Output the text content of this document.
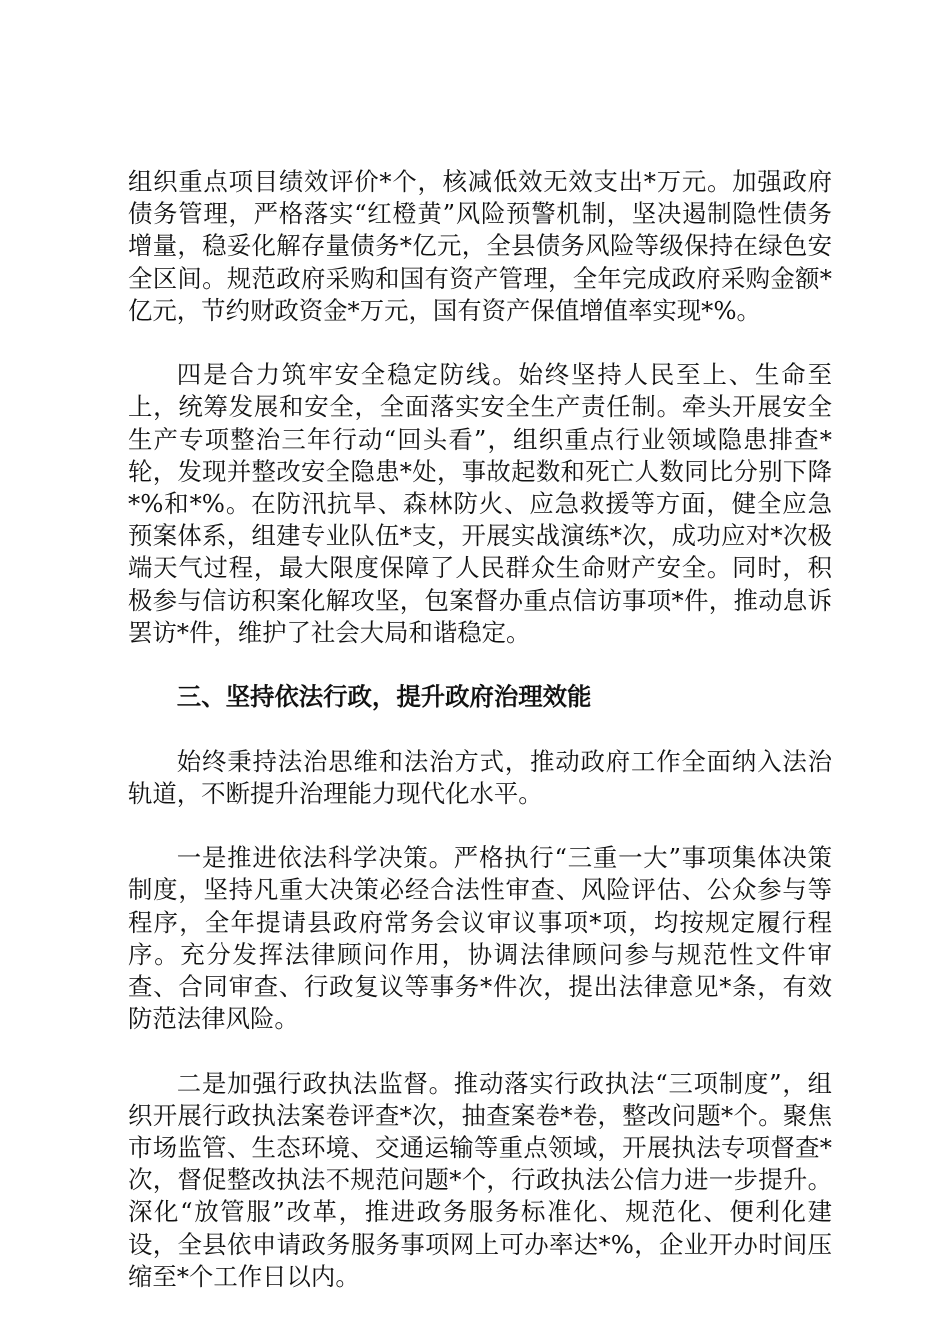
组织重点项目绩效评价*个，核减低效无效支出*万元。加强政府债务管理，严格落实“红橙黄”风险预警机制，坚决遏制隐性债务增量，稳妥化解存量债务*亿元，全县债务风险等级保持在绿色安全区间。规范政府采购和国有资产管理，全年完成政府采购金额*亿元，节约财政资金*万元，国有资产保值增值率实现*%。

四是合力筑牢安全稳定防线。始终坚持人民至上、生命至上，统筹发展和安全，全面落实安全生产责任制。牵头开展安全生产专项整治三年行动“回头看”，组织重点行业领域隐患排查*轮，发现并整改安全隐患*处，事故起数和死亡人数同比分别下降*%和*%。在防汛抗旱、森林防火、应急救援等方面，健全应急预案体系，组建专业队伍*支，开展实战演练*次，成功应对*次极端天气过程，最大限度保障了人民群众生命财产安全。同时，积极参与信访积案化解攻坚，包案督办重点信访事项*件，推动息诉罢访*件，维护了社会大局和谐稳定。

三、坚持依法行政，提升政府治理效能

始终秉持法治思维和法治方式，推动政府工作全面纳入法治轨道，不断提升治理能力现代化水平。

一是推进依法科学决策。严格执行“三重一大”事项集体决策制度，坚持凡重大决策必经合法性审查、风险评估、公众参与等程序，全年提请县政府常务会议审议事项*项，均按规定履行程序。充分发挥法律顾问作用，协调法律顾问参与规范性文件审查、合同审查、行政复议等事务*件次，提出法律意见*条，有效防范法律风险。

二是加强行政执法监督。推动落实行政执法“三项制度”，组织开展行政执法案卷评查*次，抽查案卷*卷，整改问题*个。聚焦市场监管、生态环境、交通运输等重点领域，开展执法专项督查*次，督促整改执法不规范问题*个，行政执法公信力进一步提升。深化“放管服”改革，推进政务服务标准化、规范化、便利化建设，全县依申请政务服务事项网上可办率达*%，企业开办时间压缩至*个工作日以内。
